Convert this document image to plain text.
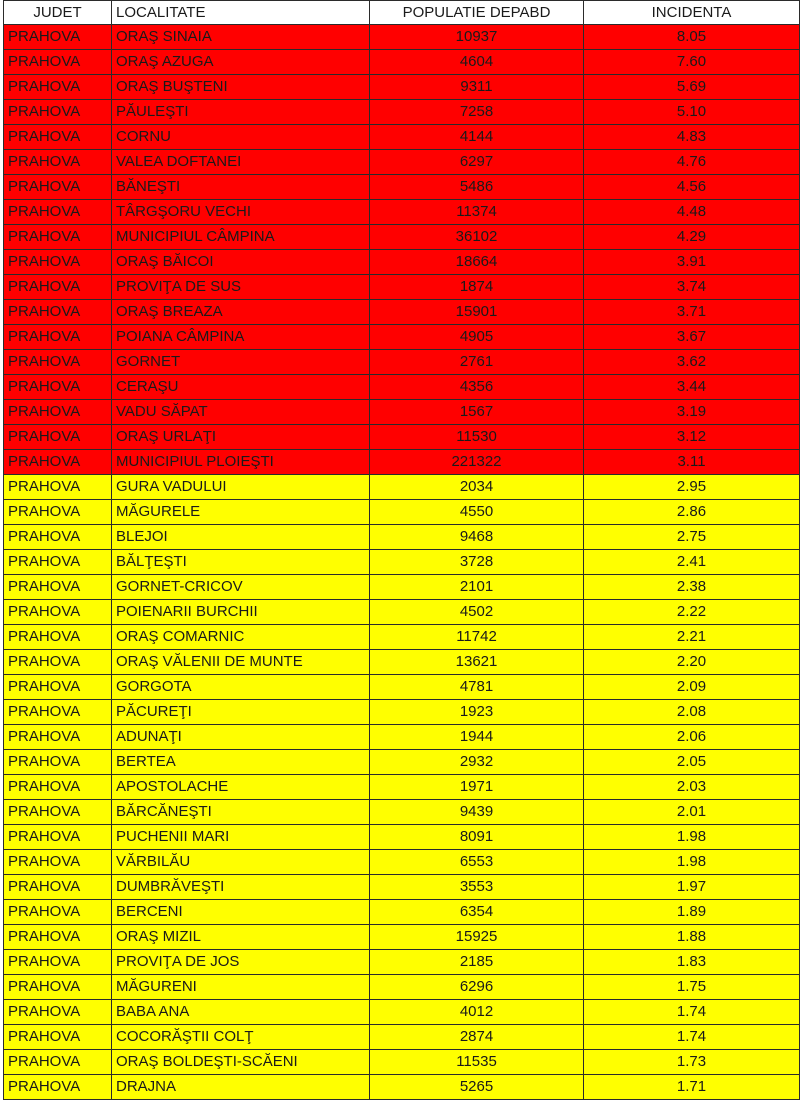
JUDET	LOCALITATE	POPULATIE DEPABD	INCIDENTA
PRAHOVA	ORAŞ SINAIA	10937	8.05
PRAHOVA	ORAŞ AZUGA	4604	7.60
PRAHOVA	ORAŞ BUŞTENI	9311	5.69
PRAHOVA	PĂULEŞTI	7258	5.10
PRAHOVA	CORNU	4144	4.83
PRAHOVA	VALEA DOFTANEI	6297	4.76
PRAHOVA	BĂNEŞTI	5486	4.56
PRAHOVA	TÂRGŞORU VECHI	11374	4.48
PRAHOVA	MUNICIPIUL CÂMPINA	36102	4.29
PRAHOVA	ORAŞ BĂICOI	18664	3.91
PRAHOVA	PROVIŢA DE SUS	1874	3.74
PRAHOVA	ORAŞ BREAZA	15901	3.71
PRAHOVA	POIANA CÂMPINA	4905	3.67
PRAHOVA	GORNET	2761	3.62
PRAHOVA	CERAŞU	4356	3.44
PRAHOVA	VADU SĂPAT	1567	3.19
PRAHOVA	ORAŞ URLAŢI	11530	3.12
PRAHOVA	MUNICIPIUL PLOIEŞTI	221322	3.11
PRAHOVA	GURA VADULUI	2034	2.95
PRAHOVA	MĂGURELE	4550	2.86
PRAHOVA	BLEJOI	9468	2.75
PRAHOVA	BĂLŢEŞTI	3728	2.41
PRAHOVA	GORNET-CRICOV	2101	2.38
PRAHOVA	POIENARII BURCHII	4502	2.22
PRAHOVA	ORAŞ COMARNIC	11742	2.21
PRAHOVA	ORAŞ VĂLENII DE MUNTE	13621	2.20
PRAHOVA	GORGOTA	4781	2.09
PRAHOVA	PĂCUREŢI	1923	2.08
PRAHOVA	ADUNAŢI	1944	2.06
PRAHOVA	BERTEA	2932	2.05
PRAHOVA	APOSTOLACHE	1971	2.03
PRAHOVA	BĂRCĂNEŞTI	9439	2.01
PRAHOVA	PUCHENII MARI	8091	1.98
PRAHOVA	VĂRBILĂU	6553	1.98
PRAHOVA	DUMBRĂVEŞTI	3553	1.97
PRAHOVA	BERCENI	6354	1.89
PRAHOVA	ORAŞ MIZIL	15925	1.88
PRAHOVA	PROVIŢA DE JOS	2185	1.83
PRAHOVA	MĂGURENI	6296	1.75
PRAHOVA	BABA ANA	4012	1.74
PRAHOVA	COCORĂŞTII COLŢ	2874	1.74
PRAHOVA	ORAŞ BOLDEŞTI-SCĂENI	11535	1.73
PRAHOVA	DRAJNA	5265	1.71
